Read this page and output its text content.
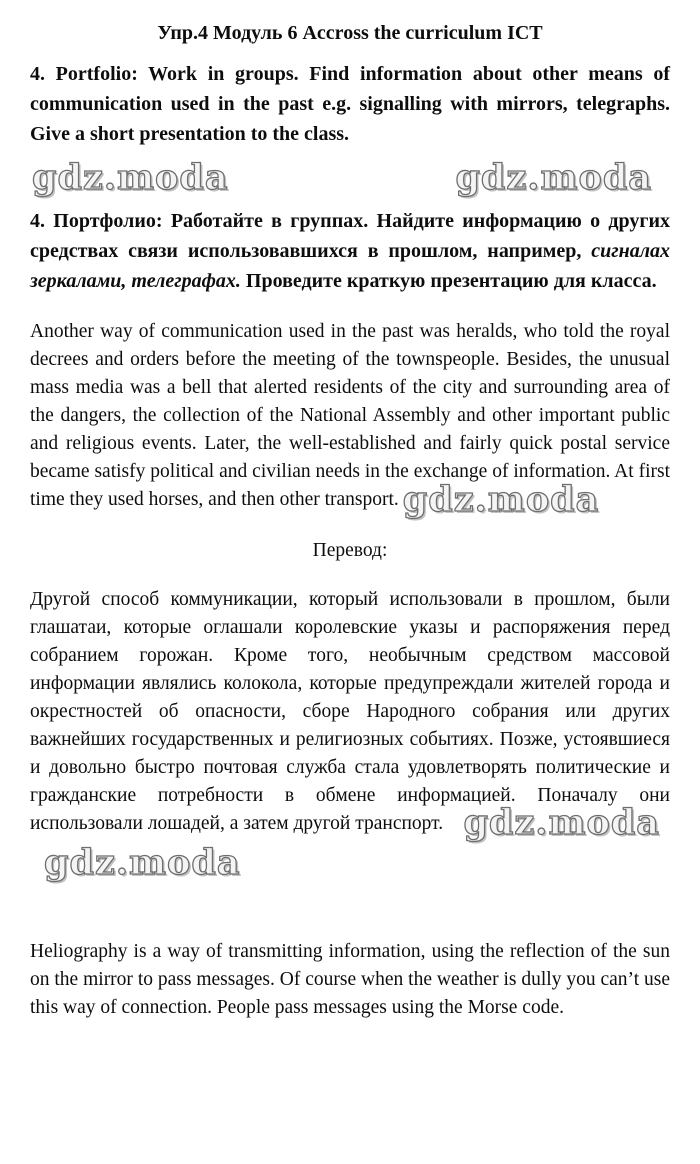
Упр.4 Модуль 6 Accross the curriculum ICT

4. Portfolio: Work in groups. Find information about other means of communication used in the past e.g. signalling with mirrors, telegraphs. Give a short presentation to the class.

gdz.moda	gdz.moda

4. Портфолио: Работайте в группах. Найдите информацию о других средствах связи использовавшихся в прошлом, например, сигналах зеркалами, телеграфах. Проведите краткую презентацию для класса.

Another way of communication used in the past was heralds, who told the royal decrees and orders before the meeting of the townspeople. Besides, the unusual mass media was a bell that alerted residents of the city and surrounding area of the dangers, the collection of the National Assembly and other important public and religious events. Later, the well-established and fairly quick postal service became satisfy political and civilian needs in the exchange of information. At first time they used horses, and then other transport. gdz.moda

Перевод:

Другой способ коммуникации, который использовали в прошлом, были глашатаи, которые оглашали королевские указы и распоряжения перед собранием горожан. Кроме того, необычным средством массовой информации являлись колокола, которые предупреждали жителей города и окрестностей об опасности, сборе Народного собрания или других важнейших государственных и религиозных событиях. Позже, устоявшиеся и довольно быстро почтовая служба стала удовлетворять политические и гражданские потребности в обмене информацией. Поначалу они использовали лошадей, а затем другой транспорт. gdz.moda
gdz.moda

Heliography is a way of transmitting information, using the reflection of the sun on the mirror to pass messages. Of course when the weather is dully you can’t use this way of connection. People pass messages using the Morse code.
